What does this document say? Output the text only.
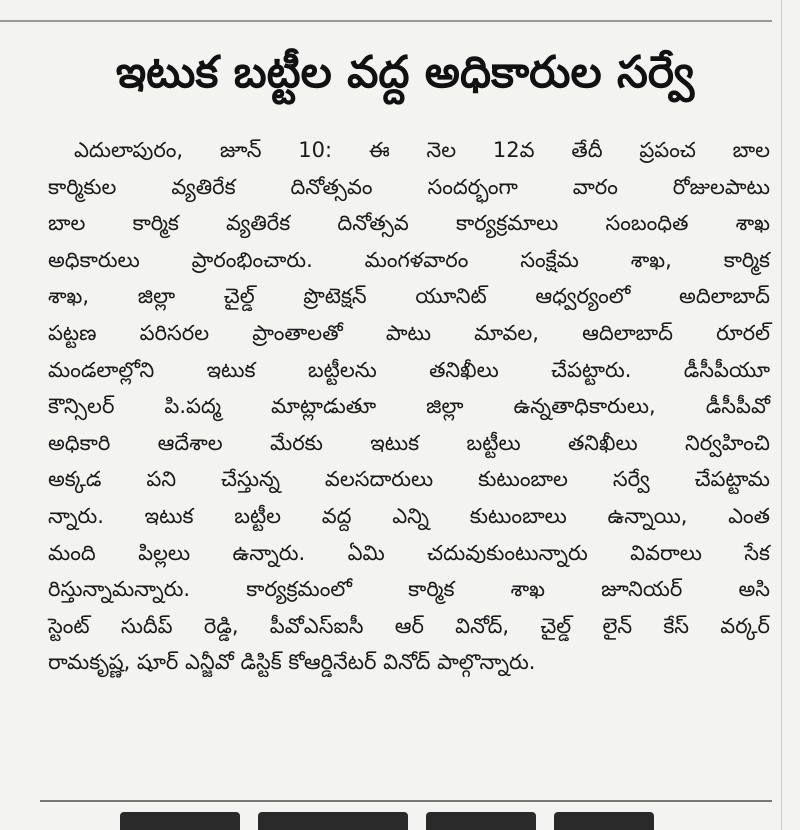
ఇటుక బట్టీల వద్ద అధికారుల సర్వే
ఎదులాపురం, జూన్ 10: ఈ నెల 12వ తేదీ ప్రపంచ బాల
కార్మికుల వ్యతిరేక దినోత్సవం సందర్భంగా వారం రోజులపాటు
బాల కార్మిక వ్యతిరేక దినోత్సవ కార్యక్రమాలు సంబంధిత శాఖ
అధికారులు ప్రారంభించారు. మంగళవారం సంక్షేమ శాఖ, కార్మిక
శాఖ, జిల్లా చైల్డ్ ప్రొటెక్షన్ యూనిట్ ఆధ్వర్యంలో అదిలాబాద్
పట్టణ పరిసరల ప్రాంతాలతో పాటు మావల, ఆదిలాబాద్ రూరల్
మండలాల్లోని ఇటుక బట్టీలను తనిఖీలు చేపట్టారు. డీసీపీయూ
కౌన్సిలర్ పి.పద్మ మాట్లాడుతూ జిల్లా ఉన్నతాధికారులు, డీసీపీవో
అధికారి ఆదేశాల మేరకు ఇటుక బట్టీలు తనిఖీలు నిర్వహించి
అక్కడ పని చేస్తున్న వలసదారులు కుటుంబాల సర్వే చేపట్టామ
న్నారు. ఇటుక బట్టీల వద్ద ఎన్ని కుటుంబాలు ఉన్నాయి, ఎంత
మంది పిల్లలు ఉన్నారు. ఏమి చదువుకుంటున్నారు వివరాలు సేక
రిస్తున్నామన్నారు. కార్యక్రమంలో కార్మిక శాఖ జూనియర్ అసి
స్టెంట్ సుదీప్ రెడ్డి, పీవోఎస్ఐసీ ఆర్ వినోద్, చైల్డ్ లైన్ కేస్ వర్కర్
రామకృష్ణ, షూర్ ఎన్జీవో డిస్టిక్ కోఆర్డినేటర్ వినోద్ పాల్గొన్నారు.
